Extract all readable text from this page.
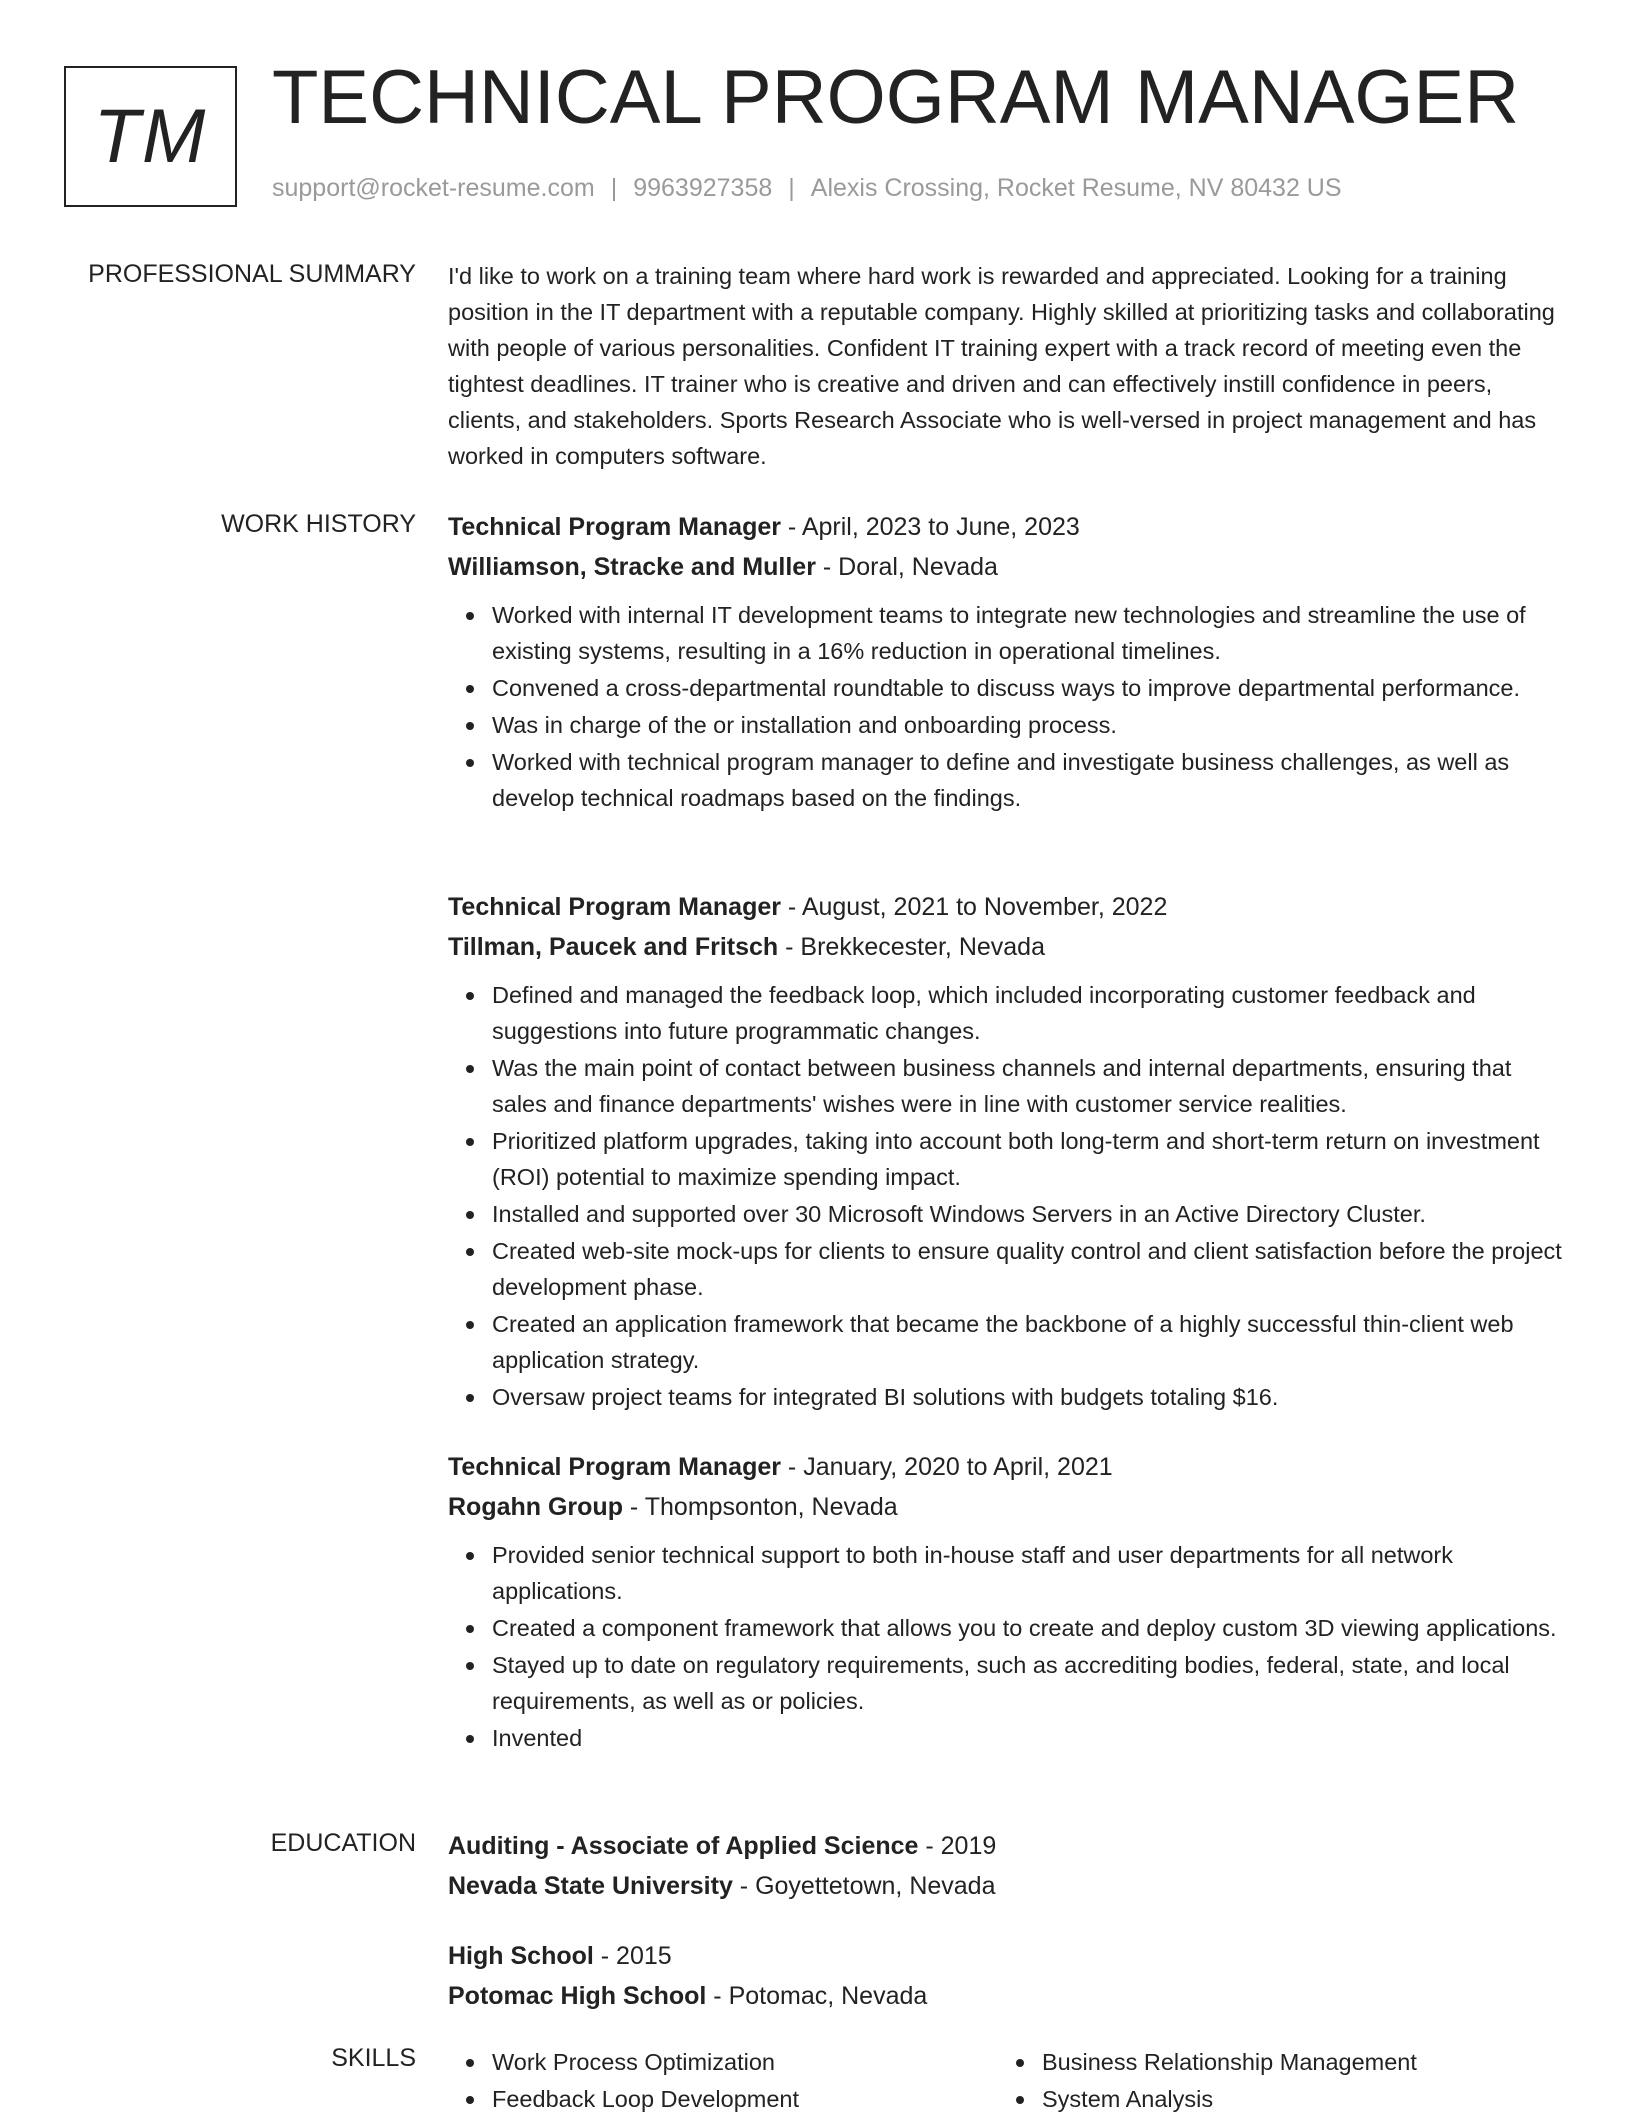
TM TECHNICAL PROGRAM MANAGER
support@rocket-resume.com | 9963927358 | Alexis Crossing, Rocket Resume, NV 80432 US
PROFESSIONAL SUMMARY I'd like to work on a training team where hard work is rewarded and appreciated. Looking for a training position in the IT department with a reputable company. Highly skilled at prioritizing tasks and collaborating with people of various personalities. Confident IT training expert with a track record of meeting even the tightest deadlines. IT trainer who is creative and driven and can effectively instill confidence in peers, clients, and stakeholders. Sports Research Associate who is well-versed in project management and has worked in computers software.

WORK HISTORY Technical Program Manager - April, 2023 to June, 2023
Williamson, Stracke and Muller - Doral, Nevada
Worked with internal IT development teams to integrate new technologies and streamline the use of existing systems, resulting in a 16% reduction in operational timelines.
Convened a cross-departmental roundtable to discuss ways to improve departmental performance.
Was in charge of the or installation and onboarding process.
Worked with technical program manager to define and investigate business challenges, as well as develop technical roadmaps based on the findings.
Technical Program Manager - August, 2021 to November, 2022
Tillman, Paucek and Fritsch - Brekkecester, Nevada
Defined and managed the feedback loop, which included incorporating customer feedback and suggestions into future programmatic changes.
Was the main point of contact between business channels and internal departments, ensuring that sales and finance departments' wishes were in line with customer service realities.
Prioritized platform upgrades, taking into account both long-term and short-term return on investment (ROI) potential to maximize spending impact.
Installed and supported over 30 Microsoft Windows Servers in an Active Directory Cluster.
Created web-site mock-ups for clients to ensure quality control and client satisfaction before the project development phase.
Created an application framework that became the backbone of a highly successful thin-client web application strategy.
Oversaw project teams for integrated BI solutions with budgets totaling $16.
Technical Program Manager - January, 2020 to April, 2021
Rogahn Group - Thompsonton, Nevada
Provided senior technical support to both in-house staff and user departments for all network applications.
Created a component framework that allows you to create and deploy custom 3D viewing applications.
Stayed up to date on regulatory requirements, such as accrediting bodies, federal, state, and local requirements, as well as or policies.
Invented
EDUCATION Auditing - Associate of Applied Science - 2019
Nevada State University - Goyettetown, Nevada
High School - 2015
Potomac High School - Potomac, Nevada
SKILLS	Work Process Optimization
Feedback Loop Development
Business Relationship Management
System Analysis
